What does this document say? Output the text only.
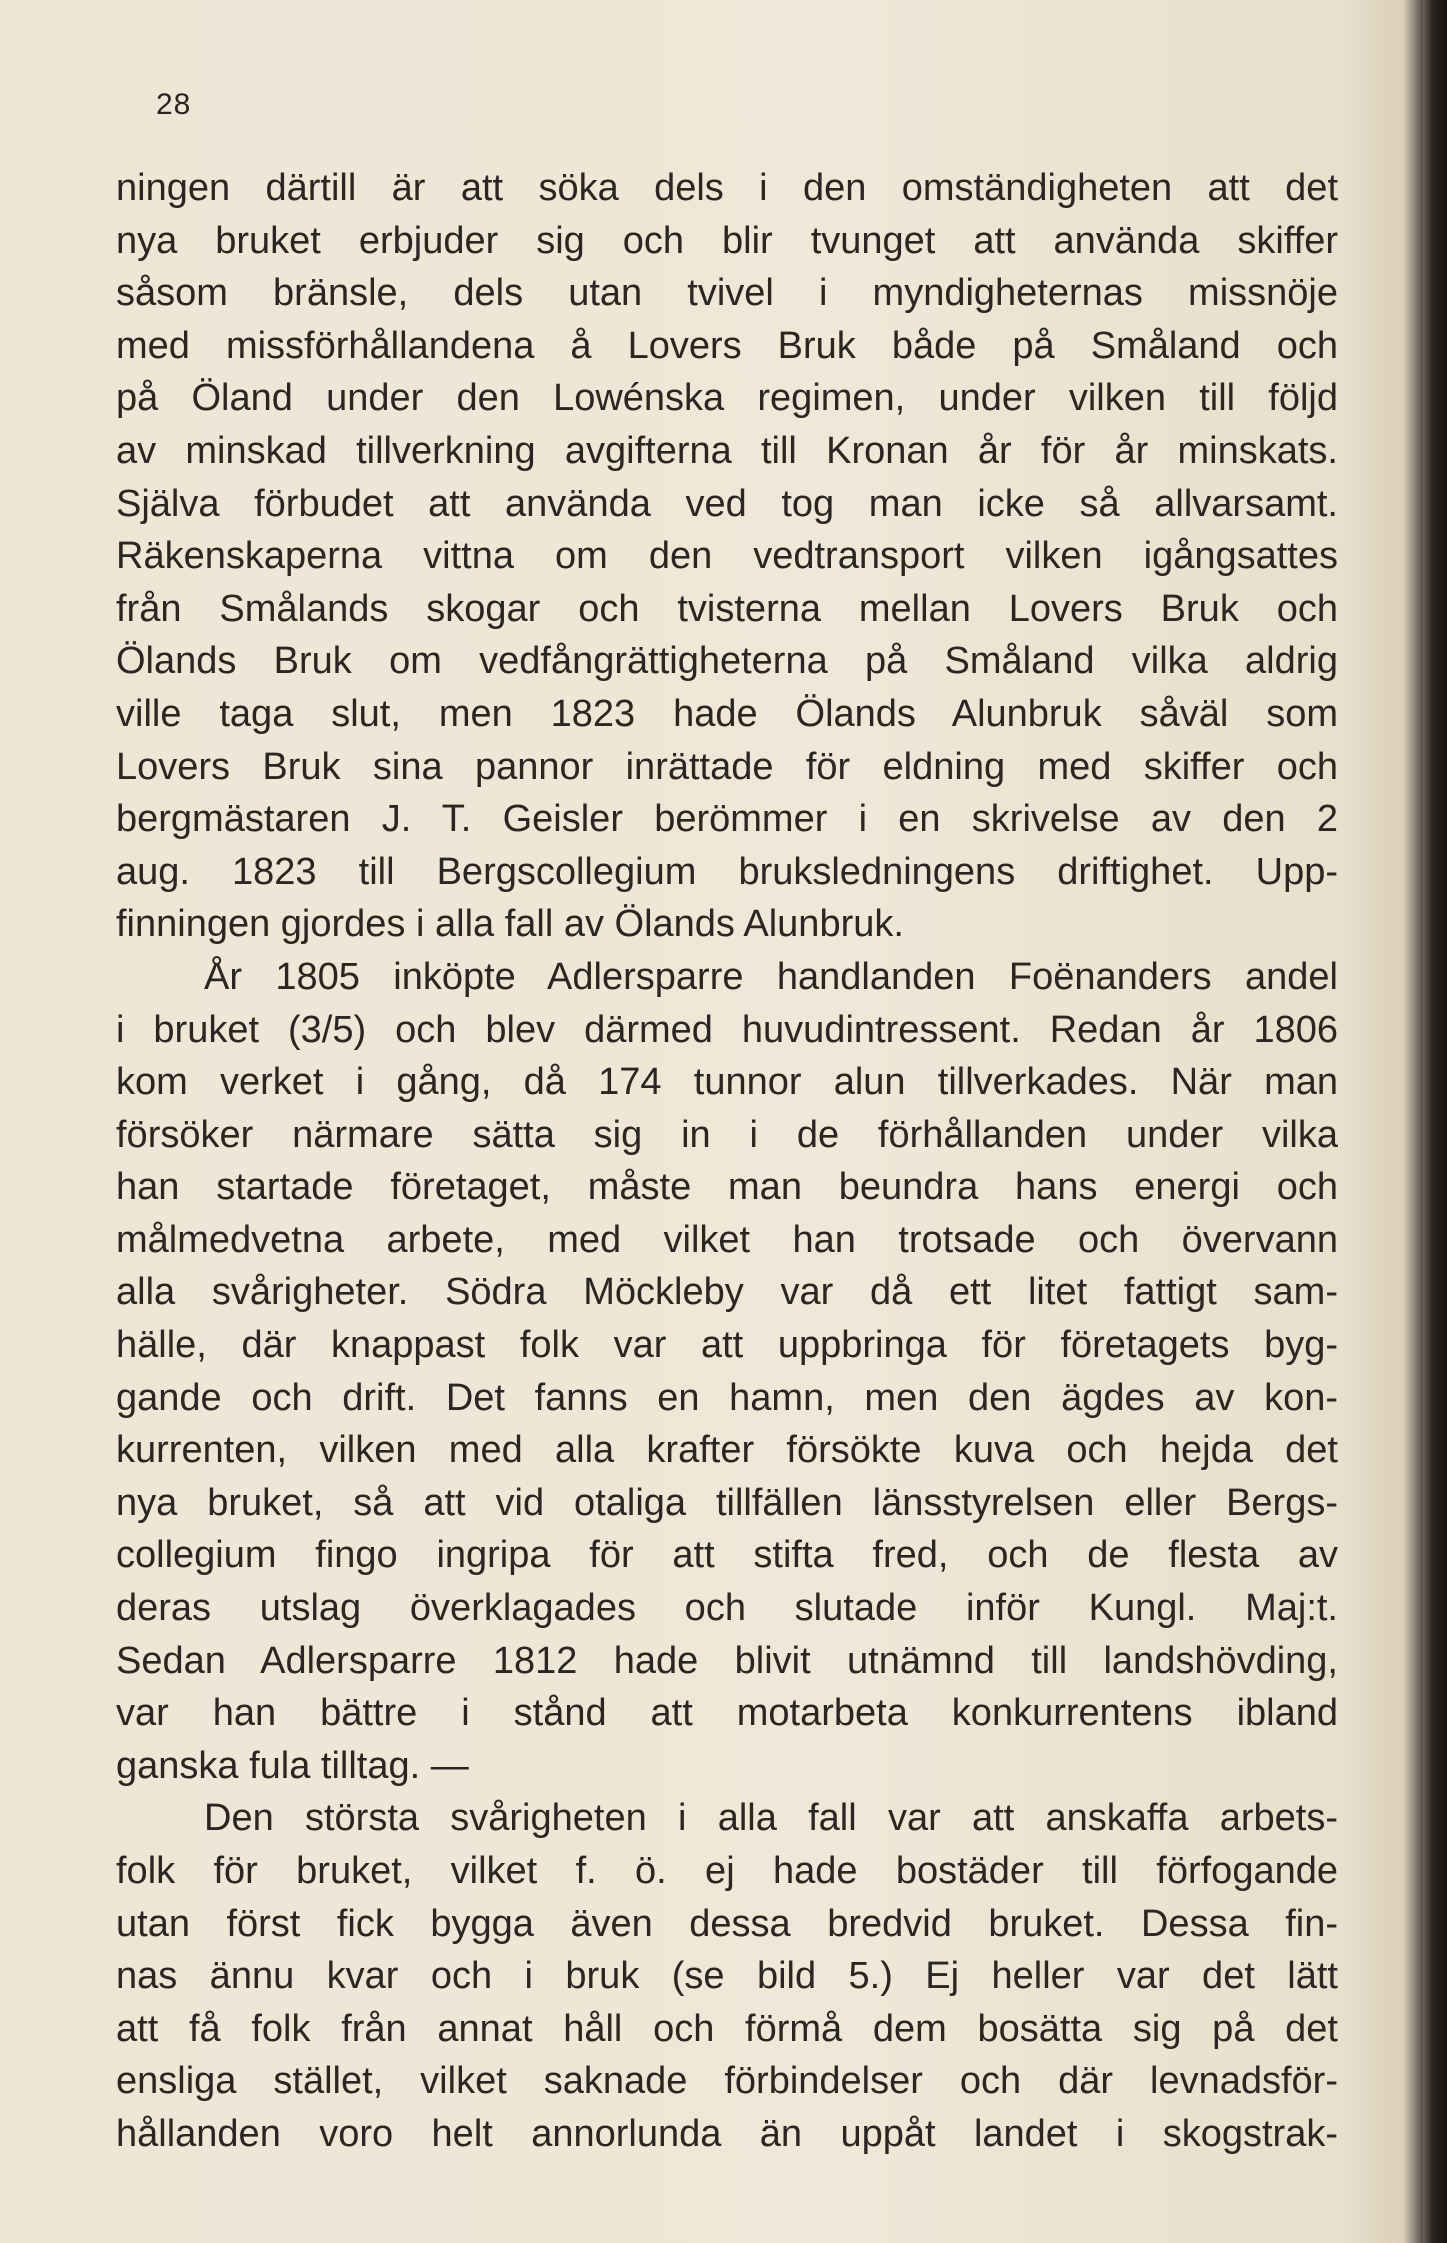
28
ningen därtill är att söka dels i den omständigheten att det
nya bruket erbjuder sig och blir tvunget att använda skiffer
såsom bränsle, dels utan tvivel i myndigheternas missnöje
med missförhållandena å Lovers Bruk både på Småland och
på Öland under den Lowénska regimen, under vilken till följd
av minskad tillverkning avgifterna till Kronan år för år minskats.
Själva förbudet att använda ved tog man icke så allvarsamt.
Räkenskaperna vittna om den vedtransport vilken igångsattes
från Smålands skogar och tvisterna mellan Lovers Bruk och
Ölands Bruk om vedfångrättigheterna på Småland vilka aldrig
ville taga slut, men 1823 hade Ölands Alunbruk såväl som
Lovers Bruk sina pannor inrättade för eldning med skiffer och
bergmästaren J. T. Geisler berömmer i en skrivelse av den 2
aug. 1823 till Bergscollegium bruksledningens driftighet. Upp-
finningen gjordes i alla fall av Ölands Alunbruk.
År 1805 inköpte Adlersparre handlanden Foënanders andel
i bruket (3/5) och blev därmed huvudintressent. Redan år 1806
kom verket i gång, då 174 tunnor alun tillverkades. När man
försöker närmare sätta sig in i de förhållanden under vilka
han startade företaget, måste man beundra hans energi och
målmedvetna arbete, med vilket han trotsade och övervann
alla svårigheter. Södra Möckleby var då ett litet fattigt sam-
hälle, där knappast folk var att uppbringa för företagets byg-
gande och drift. Det fanns en hamn, men den ägdes av kon-
kurrenten, vilken med alla krafter försökte kuva och hejda det
nya bruket, så att vid otaliga tillfällen länsstyrelsen eller Bergs-
collegium fingo ingripa för att stifta fred, och de flesta av
deras utslag överklagades och slutade inför Kungl. Maj:t.
Sedan Adlersparre 1812 hade blivit utnämnd till landshövding,
var han bättre i stånd att motarbeta konkurrentens ibland
ganska fula tilltag. —
Den största svårigheten i alla fall var att anskaffa arbets-
folk för bruket, vilket f. ö. ej hade bostäder till förfogande
utan först fick bygga även dessa bredvid bruket. Dessa fin-
nas ännu kvar och i bruk (se bild 5.) Ej heller var det lätt
att få folk från annat håll och förmå dem bosätta sig på det
ensliga stället, vilket saknade förbindelser och där levnadsför-
hållanden voro helt annorlunda än uppåt landet i skogstrak-
